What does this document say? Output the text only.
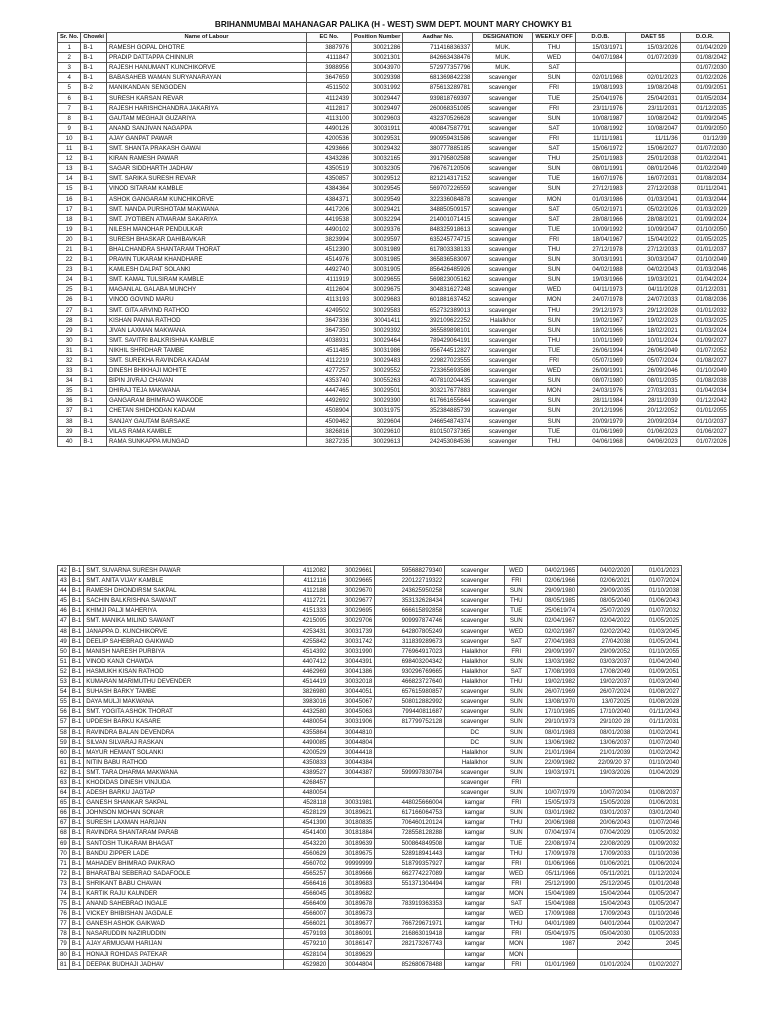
BRIHANMUMBAI MAHANAGAR PALIKA (H - WEST) SWM DEPT. MOUNT MARY CHOWKY B1										
Sr. No.	Chowki	Name of Labour	EC No.	Position Number	Aadhar No.	DESIGNATION	WEEKLY OFF	D.O.B.	DAET 55	D.O.R.
1	B-1	RAMESH GOPAL DHOTRE	3887976	30021286	711416836337	MUK.	THU	15/03/1971	15/03/2026	01/04/2029
2	B-1	PRADIP DATTAPPA CHINNUR	4111847	30021301	842663438476	MUK.	WED	04/07/1984	01/07/2039	01/08/2042
3	B-1	RAJESH HANUMANT KUNCHIKORVE	3988956	30043970	572977357796	MUK.	SAT			01/07/2030
4	B-1	BABASAHEB WAMAN SURYANARAYAN	3647659	30029398	681369842238	scavenger	SUN	02/01/1968	02/01/2023	01/02/2026
5	B-2	MANIKANDAN SENGODEN	4511502	30031992	875613289781	scavenger	FRI	19/08/1993	19/08/2048	01/09/2051
6	B-1	SURESH KARSAN REVAR	4112439	30029447	939818769397	scavenger	TUE	25/04/1976	25/04/2031	01/05/2034
7	B-1	RAJESH HARISHCHANDRA JAKARIYA	4112817	30029497	260068351085	scavenger	FRI	23/11/1976	23/11/2031	01/12/2035
8	B-1	GAUTAM MEGHAJI GUZARIYA	4113100	30029603	432370526628	scavenger	SUN	10/08/1987	10/08/2042	01/09/2045
9	B-1	ANAND SANJIVAN NAGAPPA	4490126	30031911	400847587791	scavenger	SAT	10/08/1992	10/08/2047	01/09/2050
10	B-1	AJAY GANPAT PAWAR	4200536	30029531	990959431586	scavenger	FRI	11/11/1981	11/11/36	01/12/39
11	B-1	SMT. SHANTA PRAKASH GAWAI	4293666	30029432	380777885185	scavenger	SAT	15/06/1972	15/06/2027	01/07/2030
12	B-1	KIRAN RAMESH PAWAR	4343286	30032165	391795802588	scavenger	THU	25/01/1983	25/01/2038	01/02/2041
13	B-1	SAGAR SIDDHARTH JADHAV	4350519	30032305	796767120506	scavenger	SUN	08/01/1991	08/01/2046	01/02/2049
14	B-1	SMT. SARIKA SURESH REVAR	4350857	30029512	821214317152	scavenger	TUE	16/07/1976	16/07/2031	01/08/2034
15	B-1	VINOD SITARAM KAMBLE	4384364	30029545	569707226559	scavenger	SUN	27/12/1983	27/12/2038	01/11/2041
16	B-1	ASHOK GANGARAM KUNCHIKORVE	4384371	30029549	322336084878	scavenger	MON	01/03/1986	01/03/2041	01/03/2044
17	B-1	SMT. NANDA PURSHOTAM MAKWANA	4417206	30029421	348850509157	scavenger	SAT	05/02/1971	05/02/2026	01/03/2029
18	B-1	SMT. JYOTIBEN ATMARAM SAKARIYA	4419538	30032294	214001071415	scavenger	SAT	28/08/1966	28/08/2021	01/09/2024
19	B-1	NILESH MANOHAR PENDULKAR	4490102	30029376	848325918613	scavenger	TUE	10/09/1992	10/09/2047	01/10/2050
20	B-1	SURESH BHASKAR DAHIBAVKAR	3823994	30029597	635245774715	scavenger	FRI	18/04/1967	15/04/2022	01/05/2025
21	B-1	BHALCHANDRA SHANTARAM THORAT	4512390	30031989	617803338133	scavenger	THU	27/12/1978	27/12/2033	01/01/2037
22	B-1	PRAVIN TUKARAM KHANDHARE	4514976	30031985	365836583097	scavenger	SUN	30/03/1991	30/03/2047	01/10/2049
23	B-1	KAMLESH DALPAT SOLANKI	4492740	30031905	856426485926	scavenger	SUN	04/02/1988	04/02/2043	01/03/2046
24	B-1	SMT. KAMAL TULSIRAM KAMBLE	4111919	30029655	569823005162	scavenger	SUN	19/03/1966	19/03/2021	01/04/2024
25	B-1	MAGANLAL GALABA MUNCHY	4112604	30029675	304831627248	scavenger	WED	04/11/1973	04/11/2028	01/12/2031
26	B-1	VINOD GOVIND MARU	4113193	30029683	601881637452	scavenger	MON	24/07/1978	24/07/2033	01/08/2036
27	B-1	SMT. GITA ARVIND RATHOD	4249502	30029583	652732389013	scavenger	THU	29/12/1973	29/12/2028	01/01/2032
28	B-1	KISHAN PANNA RATHOD	3647336	30041411	392109622252	Halalkhor	SUN	19/02/1967	19/02/2023	01/03/2025
29	B-1	JIVAN LAXMAN MAKWANA	3647350	30029392	365589898101	scavenger	SUN	18/02/1966	18/02/2021	01/03/2024
30	B-1	SMT. SAVITRI BALKRISHNA KAMBLE	4038931	30029464	789429064191	scavenger	THU	10/01/1969	10/01/2024	01/09/2027
31	B-1	NIKHIL SHRIDHAR TAMBE	4511485	30031986	956744512827	scavenger	TUE	26/06/1994	26/06/2049	01/07/2052
32	B-1	SMT. SUREKHA RAVINDRA KADAM	4112219	30029483	229827023555	scavenger	FRI	05/07/1969	05/07/2024	01/08/2027
33	B-1	DINESH BHIKHAJI MOHITE	4277257	30029552	723365693586	scavenger	WED	26/09/1991	26/09/2046	01/10/2049
34	B-1	BIPIN JIVRAJ CHAVAN	4353740	30055263	407810204435	scavenger	SUN	08/07/1980	08/01/2035	01/08/2038
35	B-1	DHIRAJ TEJA MAKWANA	4447465	30029501	303217677883	scavenger	MON	24/03/1976	27/03/2031	01/04/2034
36	B-1	GANGARAM BHIMRAO WAKODE	4492692	30029390	617661655644	scavenger	SUN	28/11/1984	28/11/2039	01/12/2042
37	B-1	CHETAN SHIDHODAN KADAM	4508904	30031975	352384885739	scavenger	SUN	20/12/1996	20/12/2052	01/01/2055
38	B-1	SANJAY GAUTAM BARSAKE	4509462	3029604	246654874374	scavenger	SUN	20/09/1979	20/09/2034	01/10/2037
39	B-1	VILAS RAMA KAMBLE	3826816	30029610	810150737365	scavenger	TUE	01/06/1969	01/06/2023	01/06/2027
40	B-1	RAMA SUNKAPPA MUNGAD	3827235	30029613	242453084536	scavenger	THU	04/06/1968	04/06/2023	01/07/2026
42	B-1	SMT. SUVARNA SURESH PAWAR	4112082	30029661	595688279340	scavenger	WED	04/02/1965	04/02/2020	01/01/2023
43	B-1	SMT. ANITA VIJAY KAMBLE	4112116	30029665	220122719322	scavenger	FRI	02/06/1966	02/06/2021	01/07/2024
44	B-1	RAMESH DHONDIRSM SAKPAL	4112188	30029670	243625950258	scavenger	SUN	29/09/1980	29/09/2035	01/10/2038
45	B-1	SACHIN BALKRISHNA SAWANT	4112721	30029677	353132628434	scavenger	THU	08/05/1985	08/05/2040	01/06/2043
46	B-1	KHIMJI PALJI MAHERIYA	4151333	30029695	666615892858	scavenger	TUE	25/0619/74	25/07/2029	01/07/2032
47	B-1	SMT. MANIKA MILIND SAWANT	4215095	30029706	909997874746	scavenger	SUN	02/04/1967	02/04/2022	01/05/2025
48	B-1	JANAPPA D. KUNCHIKORVE	4253431	30031739	642807805249	scavenger	WED	02/02/1987	02/02/2042	01/03/2045
49	B-1	DEELIP SAHEBRAO GAIKWAD	4255842	30031742	311839289673	scavenger	SAT	27/04/1983	27/042038	01/05/2041
50	B-1	MANISH NARESH PURBIYA	4514392	30031990	776964917023	Halalkhor	FRI	29/09/1997	29/09/2052	01/10/2055
51	B-1	VINOD KANJI CHAWDA	4407412	30044391	698403204342	Halalkhor	SUN	13/03/1982	03/03/2037	01/04/2040
52	B-1	HASMUKH KISAN RATHOD	4462969	30041386	930296769665	Halalkhor	SAT	17/08/1993	17/08/2049	01/09/2051
53	B-1	KUMARAN MARIMUTHU DEVENDER	4514419	30032018	466823727640	Halalkhor	THU	19/02/1982	19/02/2037	01/03/2040
54	B-1	SUHASH BARKY TAMBE	3826980	30044051	657615980857	scavenger	SUN	26/07/1969	26/07/2024	01/08/2027
55	B-1	DAYA MULJI MAKWANA	3983016	30045067	508012882992	scavenger	SUN	13/08/1970	13/072025	01/08/2028
56	B-1	SMT. YOGITA ASHOK THORAT	4432580	30045063	799440811687	scavenger	SUN	17/10/1985	17/10/2040	01/11/2043
57	B-1	UPDESH BARKU KASARE	4480054	30031906	817799752128	scavenger	SUN	29/10/1973	29/1020 28	01/11/2031
58	B-1	RAVINDRA BALAN DEVENDRA	4355864	30044810		DC	SUN	08/01/1983	08/01/2038	01/02/2041
59	B-1	SILVAN SILVARAJ RASKAN	4490085	30044804		DC	SUN	13/06/1982	13/06/2037	01/07/2040
60	B-1	MAYUR HEMANT SOLANKI	4200529	30044418		Halalkhor	SUN	21/01/1984	21/01/2039	01/02/2042
61	B-1	NITIN BABU RATHOD	4350833	30044384		Halalkhor	SUN	22/09/1982	22/09/20 37	01/10/2040
62	B-1	SMT. TARA DHARMA MAKWANA	4389527	30044387	599997830784	scavenger	SUN	19/03/1971	19/03/2026	01/04/2029
63	B-1	KHODIDAS DINESH VINJUDA	4268457			scavenger	FRI			
64	B-1	ADESH BARKU JAGTAP	4480054			scavenger	SUN	10/07/1979	10/07/2034	01/08/2037
65	B-1	GANESH SHANKAR SAKPAL	4528118	30031981	448025666004	kamgar	FRI	15/05/1973	15/05/2028	01/06/2031
66	B-1	JOHNSON MOHAN SONAR	4528129	30189621	617166064753	kamgar	SUN	03/01/1982	03/01/2037	03/01/2040
67	B-1	SURESH LAXMAN HARIJAN	4541390	30180835	706460120124	kamgar	THU	20/06/1988	20/06/2043	01/07/2046
68	B-1	RAVINDRA SHANTARAM PARAB	4541400	30181884	728558128288	kamgar	SUN	07/04/1974	07/04/2029	01/05/2032
69	B-1	SANTOSH TUKARAM BHAGAT	4543220	30189639	500864849508	kamgar	TUE	22/08/1974	22/08/2029	01/09/2032
70	B-1	BANDU ZIPPER LADE	4560629	30189675	528918941443	kamgar	THU	17/09/1978	17/09/2033	01/10/2036
71	B-1	MAHADEV BHIMRAO PAIKRAO	4560702	99999999	518799357927	kamgar	FRI	01/06/1966	01/06/2021	01/06/2024
72	B-1	BHARATBAI SEBERAO SADAFOOLE	4565257	30189666	662774227089	kamgar	WED	05/11/1966	05/11/2021	01/12/2024
73	B-1	SHRIKANT BABU CHAVAN	4566416	30189683	551371304494	kamgar	FRI	25/12/1990	25/12/2045	01/01/2048
74	B-1	KARTIK RAJU KAUNDER	4566045	30189682		kamgar	MON	15/04/1989	15/04/2044	01/05/2047
75	B-1	ANAND SAHEBRAO INGALE	4566409	30189678	783919363353	kamgar	SAT	15/04/1988	15/04/2043	01/05/2047
76	B-1	VICKEY BHIBISHAN JAGDALE	4566007	30189673		kamgar	WED	17/09/1988	17/09/2043	01/10/2046
77	B-1	GANESH ASHOK GAIKWAD	4566021	30189677	766729671971	kamgar	THU	04/01/1989	04/01/2044	01/02/2047
78	B-1	NASARUDDIN NAZIRUDDIN	4579193	30186091	216863019418	kamgar	FRI	05/04/1975	05/04/2030	01/05/2033
79	B-1	AJAY ARMUGAM HARIJAN	4579210	30186147	282173267743	kamgar	MON	1987	2042	2045
80	B-1	HONAJI ROHIDAS PATEKAR	4528104	30189629		kamgar	MON			
81	B-1	DEEPAK BUDHAJI JADHAV	4529820	30044804	852680678488	kamgar	FRI	01/01/1969	01/01/2024	01/02/2027
